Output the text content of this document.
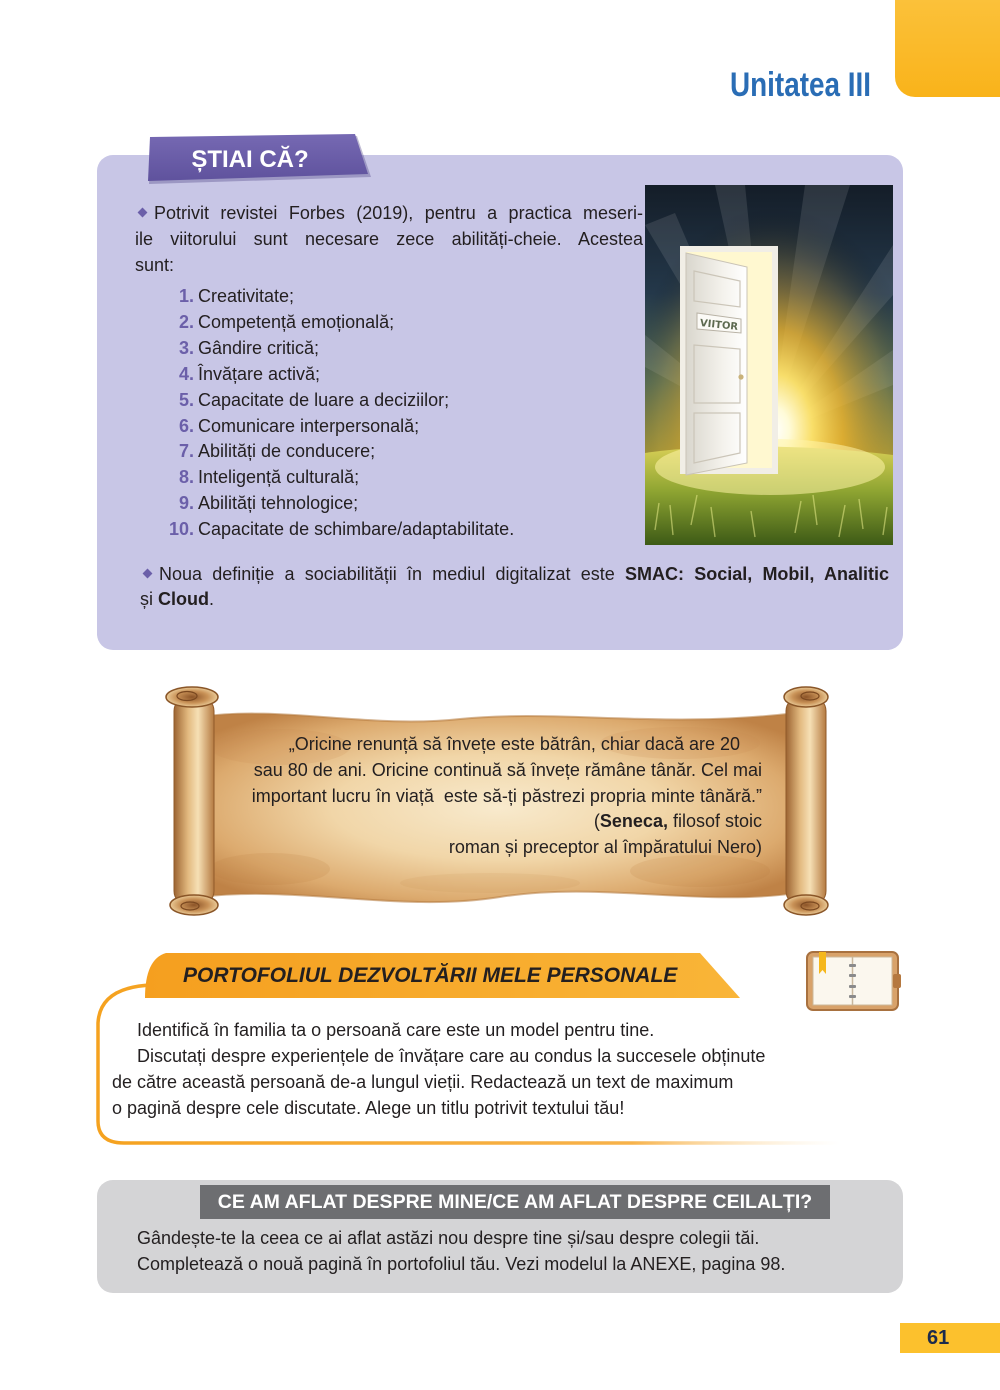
Unitatea III
ȘTIAI CĂ?
Potrivit revistei Forbes (2019), pentru a practica meseri-
ile viitorului sunt necesare zece abilități-cheie. Acestea
sunt:
1. Creativitate;
2. Competență emoțională;
3. Gândire critică;
4. Învățare activă;
5. Capacitate de luare a deciziilor;
6. Comunicare interpersonală;
7. Abilități de conducere;
8. Inteligență culturală;
9. Abilități tehnologice;
10. Capacitate de schimbare/adaptabilitate.
VIITOR
Noua definiție a sociabilității în mediul digitalizat este SMAC: Social, Mobil, Analitic
și Cloud.
„Oricine renunță să învețe este bătrân, chiar dacă are 20
sau 80 de ani. Oricine continuă să învețe rămâne tânăr. Cel mai
important lucru în viață  este să-ți păstrezi propria minte tânără.”
(Seneca, filosof stoic
roman și preceptor al împăratului Nero)
PORTOFOLIUL DEZVOLTĂRII MELE PERSONALE
Identifică în familia ta o persoană care este un model pentru tine.
Discutați despre experiențele de învățare care au condus la succesele obținute
de către această persoană de-a lungul vieții. Redactează un text de maximum
o pagină despre cele discutate. Alege un titlu potrivit textului tău!
CE AM AFLAT DESPRE MINE/CE AM AFLAT DESPRE CEILALȚI?
Gândește-te la ceea ce ai aflat astăzi nou despre tine și/sau despre colegii tăi.
Completează o nouă pagină în portofoliul tău. Vezi modelul la ANEXE, pagina 98.
61
